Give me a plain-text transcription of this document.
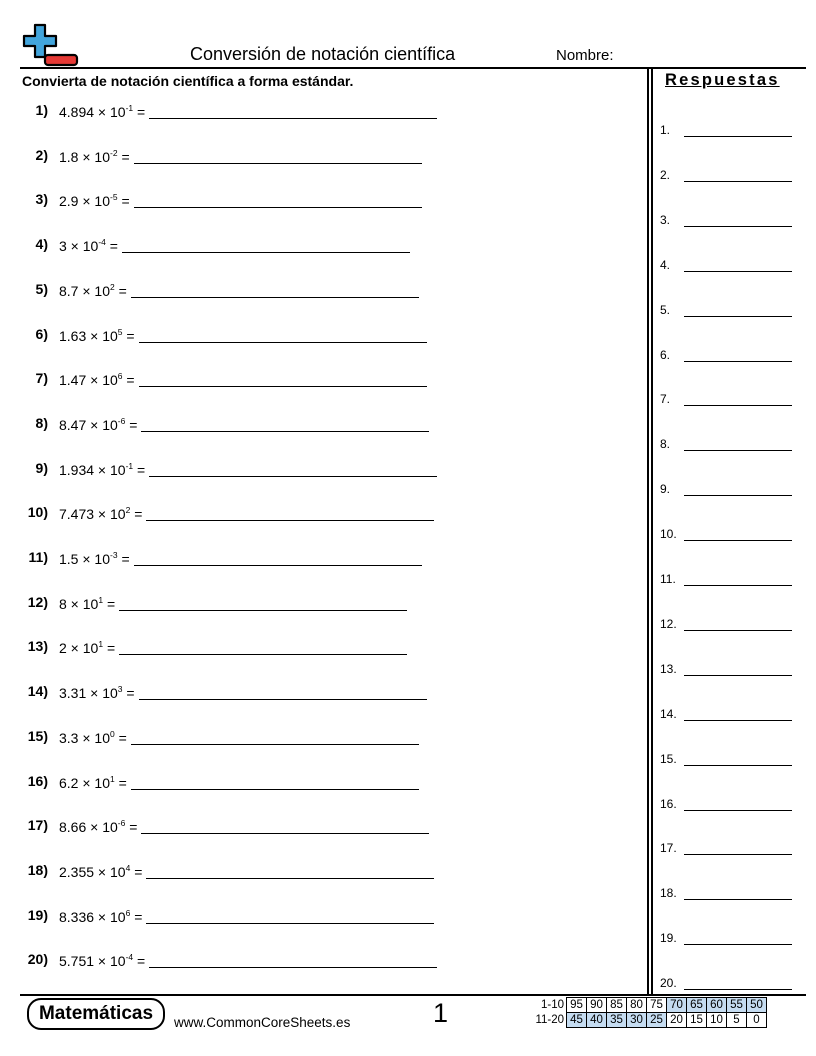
Conversión de notación científica	Nombre:
Convierta de notación científica a forma estándar.
1) $4.894 \times 10^{-1}$ =
2) $1.8 \times 10^{-2}$ =
3) $2.9 \times 10^{-5}$ =
4) $3 \times 10^{-4}$ =
5) $8.7 \times 10^2$ =
6) $1.63 \times 10^5$ =
7) $1.47 \times 10^6$ =
8) $8.47 \times 10^{-6}$ =
9) $1.934 \times 10^{-1}$ =
10) $7.473 \times 10^2$ =
11) $1.5 \times 10^{-3}$ =
12) $8 \times 10^1$ =
13) $2 \times 10^1$ =
14) $3.31 \times 10^3$ =
15) $3.3 \times 10^0$ =
16) $6.2 \times 10^1$ =
17) $8.66 \times 10^{-6}$ =
18) $2.355 \times 10^4$ =
19) $8.336 \times 10^6$ =
20) $5.751 \times 10^{-4}$ =
Respuestas
1.
2.
3.
4.
5.
6.
7.
8.
9.
10.
11.
12.
13.
14.
15.
16.
17.
18.
19.
20.
Matemáticas	www.CommonCoreSheets.es	1	1-10	95	90	85	80	75	70	65	60	55	50
11-20	45	40	35	30	25	20	15	10	5	0
